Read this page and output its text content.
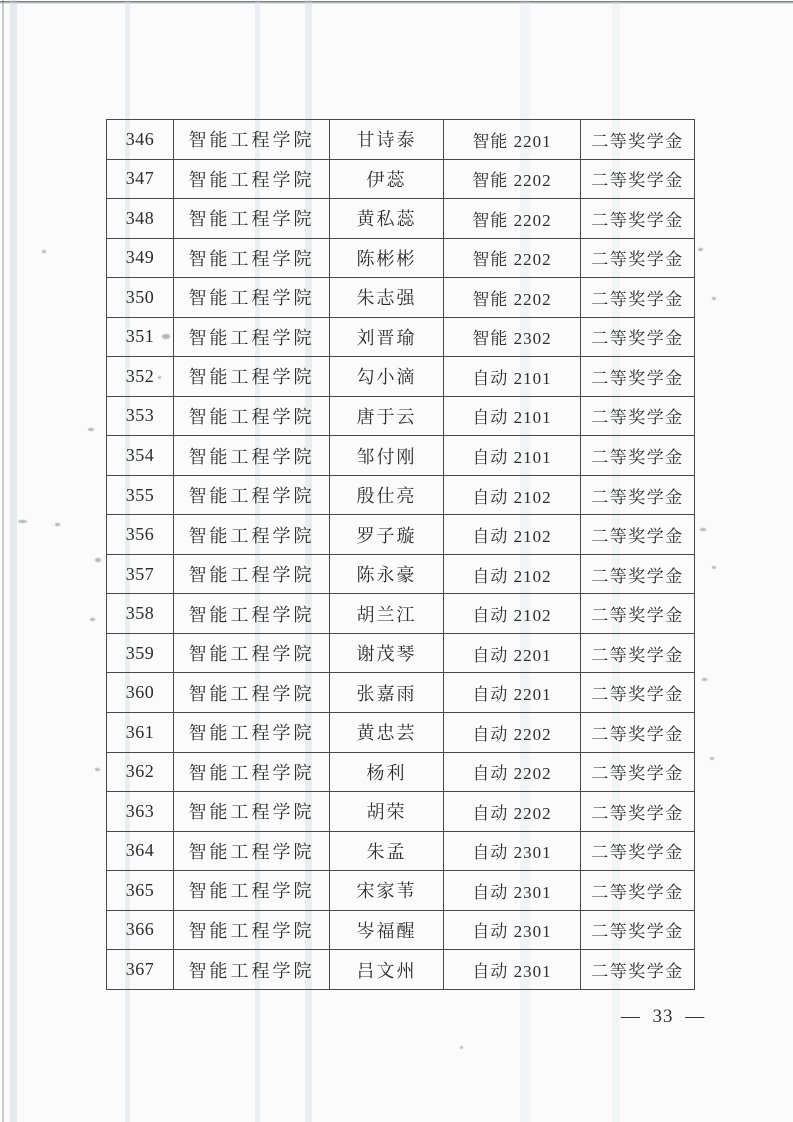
346	智能工程学院	甘诗泰	智能 2201	二等奖学金
347	智能工程学院	伊蕊	智能 2202	二等奖学金
348	智能工程学院	黄私蕊	智能 2202	二等奖学金
349	智能工程学院	陈彬彬	智能 2202	二等奖学金
350	智能工程学院	朱志强	智能 2202	二等奖学金
351	智能工程学院	刘晋瑜	智能 2302	二等奖学金
352	智能工程学院	勾小滴	自动 2101	二等奖学金
353	智能工程学院	唐于云	自动 2101	二等奖学金
354	智能工程学院	邹付刚	自动 2101	二等奖学金
355	智能工程学院	殷仕亮	自动 2102	二等奖学金
356	智能工程学院	罗子璇	自动 2102	二等奖学金
357	智能工程学院	陈永豪	自动 2102	二等奖学金
358	智能工程学院	胡兰江	自动 2102	二等奖学金
359	智能工程学院	谢茂琴	自动 2201	二等奖学金
360	智能工程学院	张嘉雨	自动 2201	二等奖学金
361	智能工程学院	黄忠芸	自动 2202	二等奖学金
362	智能工程学院	杨利	自动 2202	二等奖学金
363	智能工程学院	胡荣	自动 2202	二等奖学金
364	智能工程学院	朱孟	自动 2301	二等奖学金
365	智能工程学院	宋家苇	自动 2301	二等奖学金
366	智能工程学院	岑福醒	自动 2301	二等奖学金
367	智能工程学院	吕文州	自动 2301	二等奖学金
— 33 —
